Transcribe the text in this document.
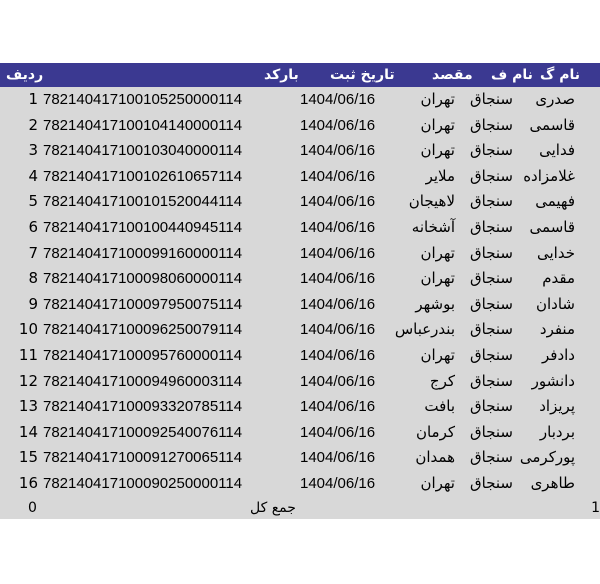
ردیف	بارکد تاریخ ثبت	مقصد نام ف نام گ
1 782140417100105250000114	1404/06/16	تهران سنجاق صدری
2 782140417100104140000114	1404/06/16	تهران سنجاق قاسمی
3 782140417100103040000114	1404/06/16	تهران سنجاق فدایی
4 782140417100102610657114	1404/06/16	ملایر سنجاق غلامزاده
5 782140417100101520044114	1404/06/16 لاهیجان سنجاق فهیمی
6 782140417100100440945114	1404/06/16 آشخانه سنجاق قاسمی
7 782140417100099160000114	1404/06/16	تهران سنجاق خدایی
8 782140417100098060000114	1404/06/16	تهران سنجاق مقدم
9 782140417100097950075114	1404/06/16	بوشهر سنجاق شادان
10 782140417100096250079114	1404/06/16 بندرعباس سنجاق منفرد
11 782140417100095760000114	1404/06/16	تهران سنجاق دادفر
12 782140417100094960003114	1404/06/16	کرج سنجاق دانشور
13 782140417100093320785114	1404/06/16	بافت سنجاق پریزاد
14 782140417100092540076114	1404/06/16	کرمان سنجاق بردبار
15 782140417100091270065114	1404/06/16	همدان سنجاق پورکرمی
16 782140417100090250000114	1404/06/16	تهران سنجاق طاهری
0	جمع کل	1
